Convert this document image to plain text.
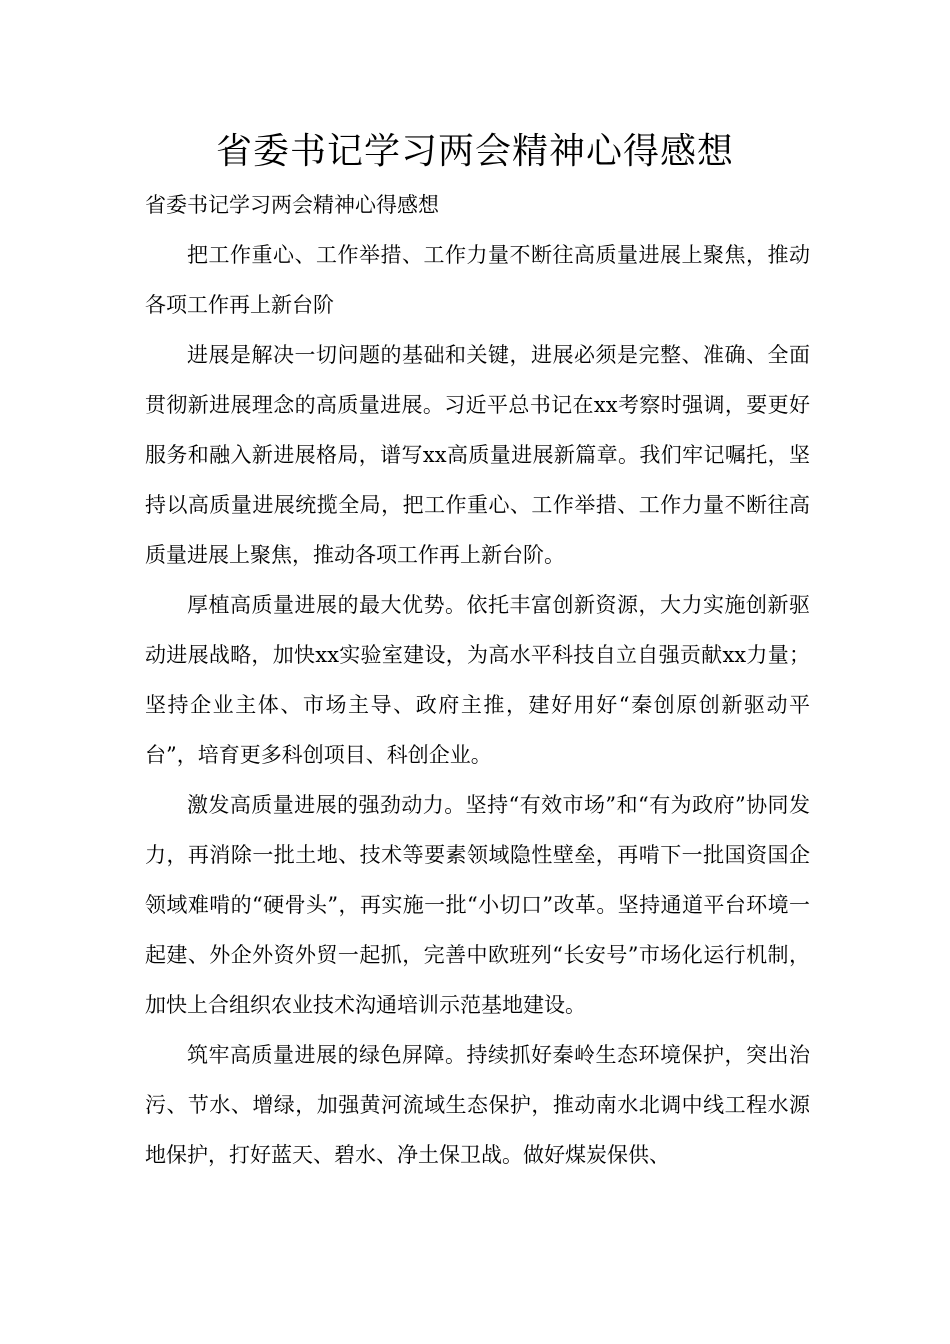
省委书记学习两会精神心得感想

省委书记学习两会精神心得感想

把工作重心、工作举措、工作力量不断往高质量进展上聚焦，推动各项工作再上新台阶

进展是解决一切问题的基础和关键，进展必须是完整、准确、全面贯彻新进展理念的高质量进展。习近平总书记在xx考察时强调，要更好服务和融入新进展格局，谱写xx高质量进展新篇章。我们牢记嘱托，坚持以高质量进展统揽全局，把工作重心、工作举措、工作力量不断往高质量进展上聚焦，推动各项工作再上新台阶。

厚植高质量进展的最大优势。依托丰富创新资源，大力实施创新驱动进展战略，加快xx实验室建设，为高水平科技自立自强贡献xx力量；坚持企业主体、市场主导、政府主推，建好用好“秦创原创新驱动平台”，培育更多科创项目、科创企业。

激发高质量进展的强劲动力。坚持“有效市场”和“有为政府”协同发力，再消除一批土地、技术等要素领域隐性壁垒，再啃下一批国资国企领域难啃的“硬骨头”，再实施一批“小切口”改革。坚持通道平台环境一起建、外企外资外贸一起抓，完善中欧班列“长安号”市场化运行机制，加快上合组织农业技术沟通培训示范基地建设。

筑牢高质量进展的绿色屏障。持续抓好秦岭生态环境保护，突出治污、节水、增绿，加强黄河流域生态保护，推动南水北调中线工程水源地保护，打好蓝天、碧水、净土保卫战。做好煤炭保供、
